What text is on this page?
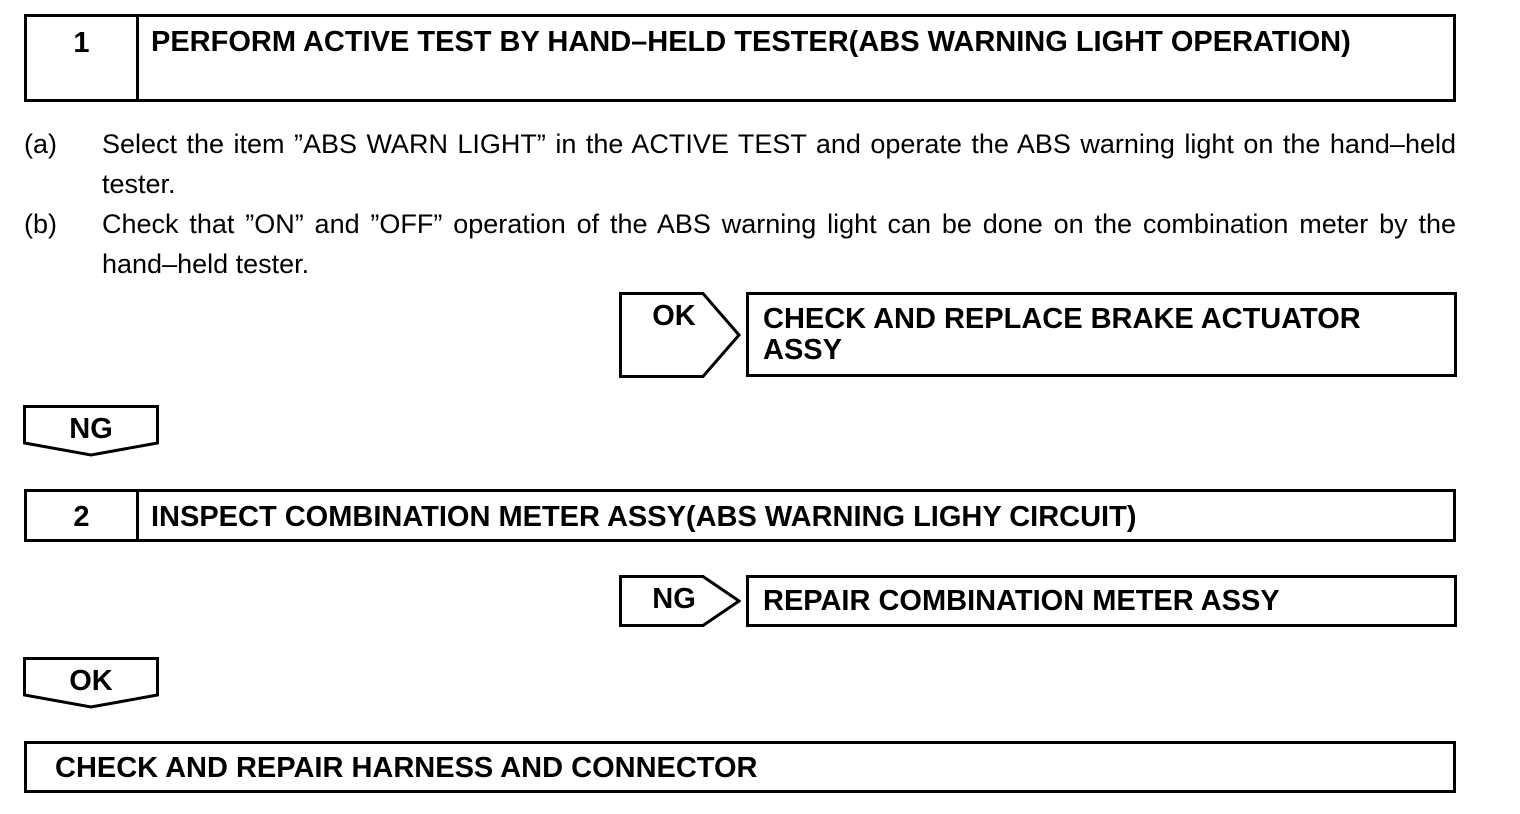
1	PERFORM ACTIVE TEST BY HAND–HELD TESTER(ABS WARNING LIGHT OPERATION)
(a) Select the item ”ABS WARN LIGHT” in the ACTIVE TEST and operate the ABS warning light on the hand–held tester.
(b) Check that ”ON” and ”OFF” operation of the ABS warning light can be done on the combination meter by the hand–held tester.
OK	CHECK AND REPLACE BRAKE ACTUATOR
ASSY
NG
2	INSPECT COMBINATION METER ASSY(ABS WARNING LIGHY CIRCUIT)
NG	REPAIR COMBINATION METER ASSY
OK
CHECK AND REPAIR HARNESS AND CONNECTOR
